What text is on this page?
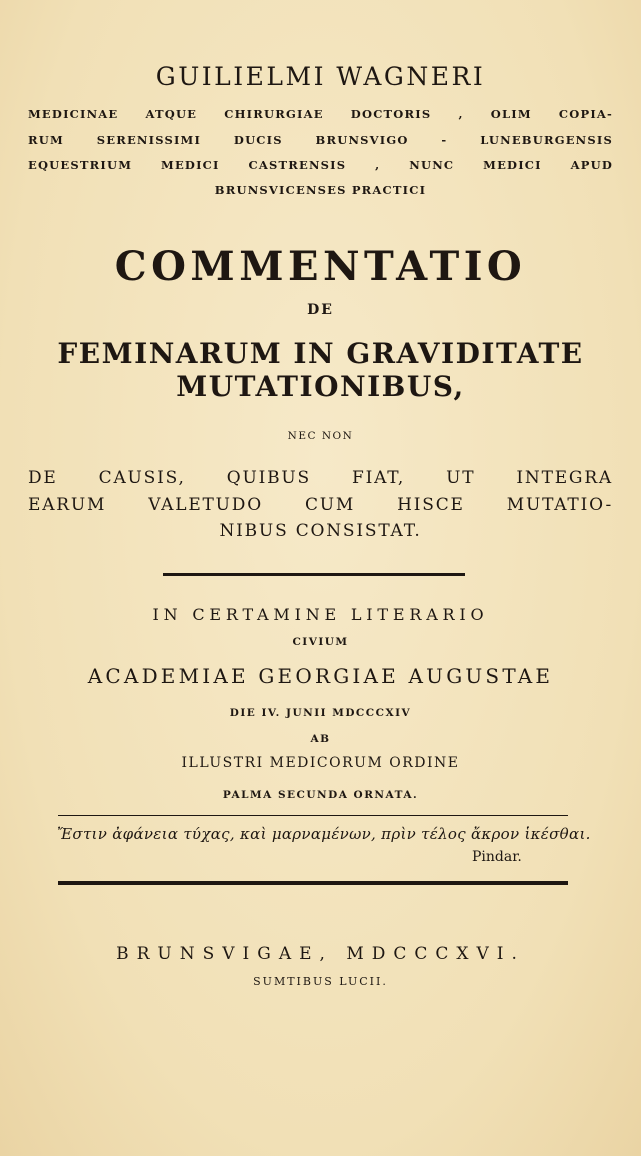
GUILIELMI WAGNERI
MEDICINAE ATQUE CHIRURGIAE DOCTORIS , OLIM COPIA-
RUM SERENISSIMI DUCIS BRUNSVIGO - LUNEBURGENSIS
EQUESTRIUM MEDICI CASTRENSIS , NUNC MEDICI APUD
BRUNSVICENSES PRACTICI
COMMENTATIO
DE
FEMINARUM IN GRAVIDITATE
MUTATIONIBUS,
NEC NON
DE CAUSIS, QUIBUS FIAT, UT INTEGRA
EARUM VALETUDO CUM HISCE MUTATIO-
NIBUS CONSISTAT.
IN CERTAMINE LITERARIO
CIVIUM
ACADEMIAE GEORGIAE AUGUSTAE
DIE IV. JUNII MDCCCXIV
AB
ILLUSTRI MEDICORUM ORDINE
PALMA SECUNDA ORNATA.
Ἔστιν ἀφάνεια τύχας, καὶ μαρναμένων, πρὶν τέλος ἄκρον ἱκέσθαι.
Pindar.
BRUNSVIGAE, MDCCCXVI.
SUMTIBUS LUCII.
